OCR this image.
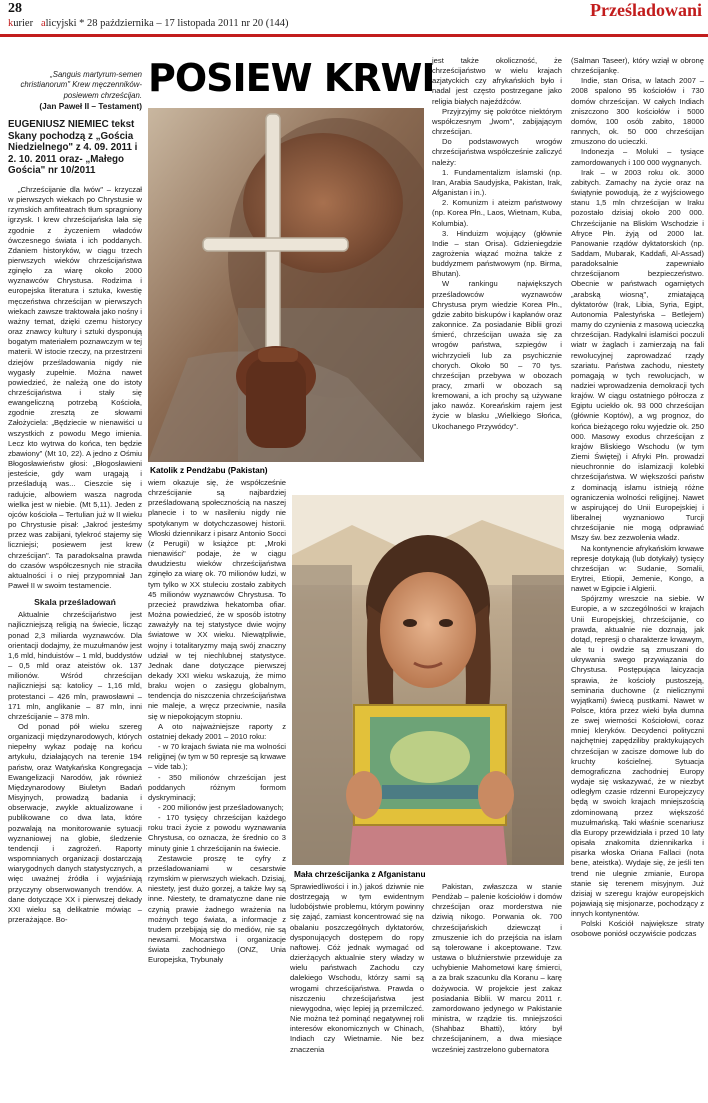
28
kurier alicyjski * 28 października – 17 listopada 2011 nr 20 (144)
Prześladowani

„Sanguis martyrum-semen christianorum" Krew męczenników-posiewem chrześcijan.

(Jan Paweł II – Testament)

EUGENIUSZ NIEMIEC tekst Skany pochodzą z „Gościa Niedzielnego" z 4. 09. 2011 i 2. 10. 2011 oraz- „Małego Gościa" nr 10/2011

„Chrześcijanie dla lwów" – krzyczał w pierwszych wiekach po Chrystusie w rzymskich amfiteatrach tłum spragniony igrzysk. I krew chrześcijańska lała się zgodnie z życzeniem władców ówczesnego świata i ich poddanych. Zdaniem historyków, w ciągu trzech pierwszych wieków chrześcijaństwa zginęło za wiarę około 2000 wyznawców Chrystusa. Rodzima i europejska literatura i sztuka, kwestię męczeństwa chrześcijan w pierwszych wiekach zawsze traktowała jako nośny i ważny temat, dzięki czemu historycy oraz znawcy kultury i sztuki dysponują bogatym materiałem poznawczym w tej materii. W istocie rzeczy, na przestrzeni dziejów prześladowania nigdy nie wygasły zupełnie. Można nawet powiedzieć, że należą one do istoty chrześcijaństwa i stały się ewangeliczną potrzebą Kościoła, zgodnie zresztą ze słowami Założyciela: „Będziecie w nienawiści u wszystkich z powodu Mego imienia. Lecz kto wytrwa do końca, ten będzie zbawiony" (Mt 10, 22). A jedno z Ośmiu Błogosławieństw głosi: „Błogosławieni jesteście, gdy wam urągają i prześladują was... Cieszcie się i radujcie, albowiem wasza nagroda wielka jest w niebie. (Mt 5,11). Jeden z ojców kościoła – Tertulian już w II wieku po Chrystusie pisał: „Jakroć jesteśmy przez was zabijani, tylekroć stajemy się liczniejsi; posiewem jest krew chrześcijan". Ta paradoksalna prawda do czasów współczesnych nie straciła aktualności i o niej przypomniał Jan Paweł II w swoim testamencie.

Skala prześladowań

Aktualnie chrześcijaństwo jest najliczniejszą religią na świecie, licząc ponad 2,3 miliarda wyznawców. Dla orientacji dodajmy, że muzułmanów jest 1,6 mld, hinduistów – 1 mld, buddystów – 0,5 mld oraz ateistów ok. 137 milionów. Wśród chrześcijan najliczniejsi są: katolicy – 1,16 mld, protestanci – 426 mln, prawosławni – 171 mln, anglikanie – 87 mln, inni chrześcijanie – 378 mln.

Od ponad pół wieku szereg organizacji międzynarodowych, których niepełny wykaz podaję na końcu artykułu, działających na terenie 194 państw, oraz Watykańska Kongregacja Ewangelizacji Narodów, jak również Międzynarodowy Biuletyn Badań Misyjnych, prowadzą badania i obserwacje, zwykle aktualizowane i publikowane co dwa lata, które pozwalają na monitorowanie sytuacji wyznaniowej na globie, śledzenie tendencji i zagrożeń. Raporty wspomnianych organizacji dostarczają wiarygodnych danych statystycznych, a więc uważnej źródła i wyjaśniają przyczyny obserwowanych trendów. A dane dotyczące XX i pierwszej dekady XXI wieku są delikatnie mówiąc – przerażające. Bo-

POSIEW KRWI
Katolik z Pendżabu (Pakistan)

wiem okazuje się, że współcześnie chrześcijanie są najbardziej prześladowaną społecznością na naszej planecie i to w nasileniu nigdy nie spotykanym w dotychczasowej historii. Włoski dziennikarz i pisarz Antonio Socci (z Perugii) w książce pt: „Mroki nienawiści" podaje, że w ciągu dwudziestu wieków chrześcijaństwa zginęło za wiarę ok. 70 milionów ludzi, w tym tylko w XX stuleciu zostało zabitych 45 milionów wyznawców Chrystusa. To przecież prawdziwa hekatomba ofiar. Można powiedzieć, że w sposób istotny zaważyły na tej statystyce dwie wojny światowe w XX wieku. Niewątpliwie, wojny i totalitaryzmy mają swój znaczny udział w tej niechlubnej statystyce. Jednak dane dotyczące pierwszej dekady XXI wieku wskazują, że mimo braku wojen o zasięgu globalnym, tendencja do niszczenia chrześcijaństwa nie maleje, a wręcz przeciwnie, nasila się w niepokojącym stopniu.

A oto najważniejsze raporty z ostatniej dekady 2001 – 2010 roku:

- w 70 krajach świata nie ma wolności religijnej (w tym w 50 represje są krwawe – vide tab.);

- 350 milionów chrześcijan jest poddanych różnym formom dyskryminacji;

- 200 milionów jest prześladowanych;

- 170 tysięcy chrześcijan każdego roku traci życie z powodu wyznawania Chrystusa, co oznacza, że średnio co 3 minuty ginie 1 chrześcijanin na świecie.

Zestawcie proszę te cyfry z prześladowaniami w cesarstwie rzymskim w pierwszych wiekach. Dzisiaj, niestety, jest dużo gorzej, a także lwy są inne. Niestety, te dramatyczne dane nie czynią prawie żadnego wrażenia na możnych tego świata, a informacje z trudem przebijają się do mediów, nie są newsami. Mocarstwa i organizacje świata zachodniego (ONZ, Unia Europejska, Trybunały

jest także okoliczność, że chrześcijaństwo w wielu krajach azjatyckich czy afrykańskich było i nadal jest często postrzegane jako religia białych najeźdźców.

Przyjrzyjmy się pokrótce niektórym współczesnym „lwom", zabijającym chrześcijan.

Do podstawowych wrogów chrześcijaństwa współcześnie zaliczyć należy:

1. Fundamentalizm islamski (np. Iran, Arabia Saudyjska, Pakistan, Irak, Afganistan i in.).

2. Komunizm i ateizm państwowy (np. Korea Płn., Laos, Wietnam, Kuba, Kolumbia).

3. Hinduizm wojujący (głównie Indie – stan Orisa). Gdzieniegdzie zagrożenia wiązać można także z buddyzmem państwowym (np. Birma, Bhutan).

W rankingu największych prześladowców wyznawców Chrystusa prym wiedzie Korea Płn., gdzie zabito biskupów i kapłanów oraz zakonnice. Za posiadanie Biblii grozi śmierć, chrześcijan uważa się za wrogów państwa, szpiegów i wichrzycieli lub za psychicznie chorych. Około 50 – 70 tys. chrześcijan przebywa w obozach pracy, zmarli w obozach są kremowani, a ich prochy są używane jako nawóz. Koreańskim rajem jest życie w blasku „Wielkiego Słońca, Ukochanego Przywódcy".

Mała chrześcijanka z Afganistanu

Sprawiedliwości i in.) jakoś dziwnie nie dostrzegają w tym ewidentnym ludobójstwie problemu, którym powinny się zająć, zamiast koncentrować się na obalaniu poszczególnych dyktatorów, dysponujących dostępem do ropy naftowej. Cóż jednak wymagać od dzierżących aktualnie stery władzy w wielu państwach Zachodu czy dalekiego Wschodu, którzy sami są wrogami chrześcijaństwa. Prawda o niszczeniu chrześcijaństwa jest niewygodna, więc lepiej ją przemilczeć. Nie można też pominąć negatywnej roli interesów ekonomicznych w Chinach, Indiach czy Wietnamie. Nie bez znaczenia

Pakistan, zwłaszcza w stanie Pendżab – palenie kościołów i domów chrześcijan oraz morderstwa nie dziwią nikogo. Porwania ok. 700 chrześcijańskich dziewcząt i zmuszenie ich do przejścia na islam są tolerowane i akceptowane. Tzw. ustawa o bluźnierstwie przewiduje za uchybienie Mahometowi karę śmierci, a za brak szacunku dla Koranu – karę dożywocia. W projekcie jest zakaz posiadania Biblii. W marcu 2011 r. zamordowano jedynego w Pakistanie ministra, w rządzie tis. mniejszości (Shahbaz Bhatti), który był chrześcijaninem, a dwa miesiące wcześniej zastrzelono gubernatora

(Salman Taseer), który wziął w obronę chrześcijankę.

Indie, stan Orisa, w latach 2007 – 2008 spalono 95 kościołów i 730 domów chrześcijan. W całych Indiach zniszczono 300 kościołów i 5000 domów, 100 osób zabito, 18000 rannych, ok. 50 000 chrześcijan zmuszono do ucieczki.

Indonezja – Moluki – tysiące zamordowanych i 100 000 wygnanych.

Irak – w 2003 roku ok. 3000 zabitych. Zamachy na życie oraz na świątynie powodują, że z wyjściowego stanu 1,5 mln chrześcijan w Iraku pozostało dzisiaj około 200 000. Chrześcijanie na Bliskim Wschodzie i Afryce Płn. żyją od 2000 lat. Panowanie rządów dyktatorskich (np. Saddam, Mubarak, Kaddafi, Al-Assad) paradoksalnie zapewniało chrześcijanom bezpieczeństwo. Obecnie w państwach ogarniętych „arabską wiosną", zmiatającą dyktatorów (Irak, Libia, Syria, Egipt, Autonomia Palestyńska – Betlejem) mamy do czynienia z masową ucieczką chrześcijan. Radykalni islamiści poczuli wiatr w żaglach i zamierzają na fali rewolucyjnej zaprowadzać rządy szariatu. Państwa zachodu, niestety pomagają w tych rewolucjach, w nadziei wprowadzenia demokracji tych krajów. W ciągu ostatniego półrocza z Egiptu uciekło ok. 93 000 chrześcijan (głównie Koptów), a wg prognoz, do końca bieżącego roku wyjedzie ok. 250 000. Masowy exodus chrześcijan z krajów Bliskiego Wschodu (w tym Ziemi Świętej) i Afryki Płn. prowadzi nieuchronnie do islamizacji kolebki chrześcijaństwa. W większości państw z dominacją islamu istnieją różne ograniczenia wolności religijnej. Nawet w aspirującej do Unii Europejskiej i liberalnej wyznaniowo Turcji chrześcijanie nie mogą odprawiać Mszy św. bez zezwolenia władz.

Na kontynencie afrykańskim krwawe represje dotykają (lub dotykały) tysięcy chrześcijan w: Sudanie, Somalii, Erytrei, Etiopii, Jemenie, Kongo, a nawet w Egipcie i Algierii.

Spójrzmy wreszcie na siebie. W Europie, a w szczególności w krajach Unii Europejskiej, chrześcijanie, co prawda, aktualnie nie doznają, jak dotąd, represji o charakterze krwawym, ale tu i owdzie są zmuszani do ukrywania swego przywiązania do Chrystusa. Postępująca laicyzacja sprawia, że kościoły pustoszeją, seminaria duchowne (z nielicznymi wyjątkami) świecą pustkami. Nawet w Polsce, która przez wieki była dumna ze swej wierności Kościołowi, coraz mniej kleryków. Decydenci polityczni najchętniej zapędziliby praktykujących chrześcijan w zacisze domowe lub do kruchty kościelnej. Sytuacja demograficzna zachodniej Europy wydaje się wskazywać, że w niezbyt odległym czasie rdzenni Europejczycy będą w swoich krajach mniejszością zdominowaną przez większość muzułmańską. Taki właśnie scenariusz dla Europy przewidziała i przed 10 laty opisała znakomita dziennikarka i pisarka włoska Oriana Fallaci (nota bene, ateistka). Wydaje się, że jeśli ten trend nie ulegnie zmianie, Europa stanie się terenem misyjnym. Już dzisiaj w szeregu krajów europejskich pojawiają się misjonarze, pochodzący z innych kontynentów.

Polski Kościół największe straty osobowe poniósł oczywiście podczas
